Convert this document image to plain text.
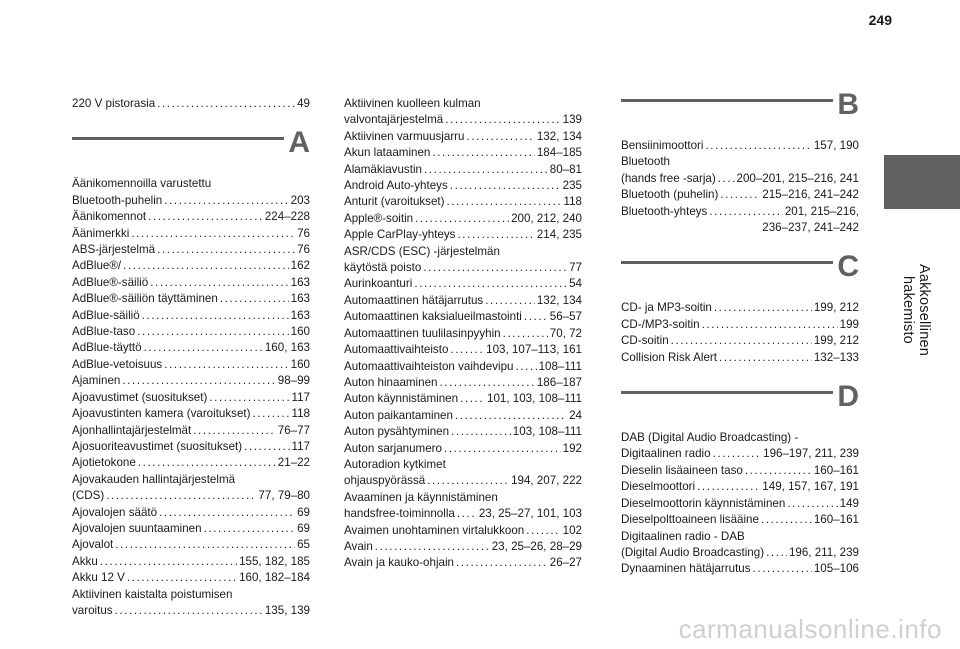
249
Aakkosellinen hakemisto
220 V pistorasia .....	49
A
Äänikomennoilla varustettu
Bluetooth-puhelin .....	203
Äänikomennot .....	224–228
Äänimerkki .....	76
ABS-järjestelmä .....	76
AdBlue®/ .....	162
AdBlue®-säiliö .....	163
AdBlue®-säiliön täyttäminen .....	163
AdBlue-säiliö .....	163
AdBlue-taso .....	160
AdBlue-täyttö .....	160, 163
AdBlue-vetoisuus .....	160
Ajaminen .....	98–99
Ajoavustimet (suositukset) .....	117
Ajoavustinten kamera (varoitukset) .....	118
Ajonhallintajärjestelmät .....	76–77
Ajosuoriteavustimet (suositukset) .....	117
Ajotietokone .....	21–22
Ajovakauden hallintajärjestelmä
(CDS) .....	77, 79–80
Ajovalojen säätö .....	69
Ajovalojen suuntaaminen .....	69
Ajovalot .....	65
Akku .....	155, 182, 185
Akku 12 V .....	160, 182–184
Aktiivinen kaistalta poistumisen
varoitus .....	135, 139
Aktiivinen kuolleen kulman
valvontajärjestelmä .....	139
Aktiivinen varmuusjarru .....	132, 134
Akun lataaminen .....	184–185
Alamäkiavustin .....	80–81
Android Auto-yhteys .....	235
Anturit (varoitukset) .....	118
Apple®-soitin .....	200, 212, 240
Apple CarPlay-yhteys .....	214, 235
ASR/CDS (ESC) -järjestelmän
käytöstä poisto .....	77
Aurinkoanturi .....	54
Automaattinen hätäjarrutus .....	132, 134
Automaattinen kaksialueilmastointi ..... 56–57
Automaattinen tuulilasinpyyhin .....	70, 72
Automaattivaihteisto .....	103, 107–113, 161
Automaattivaihteiston vaihdevipu ..... 108–111
Auton hinaaminen .....	186–187
Auton käynnistäminen ..... 101, 103, 108–111
Auton paikantaminen .....	24
Auton pysähtyminen .....	103, 108–111
Auton sarjanumero .....	192
Autoradion kytkimet
ohjauspyörässä .....	194, 207, 222
Avaaminen ja käynnistäminen
handsfree-toiminnolla ..... 23, 25–27, 101, 103
Avaimen unohtaminen virtalukkoon .....	102
Avain .....	23, 25–26, 28–29
Avain ja kauko-ohjain .....	26–27
B
Bensiinimoottori .....	157, 190
Bluetooth
(hands free -sarja) ..... 200–201, 215–216, 241
Bluetooth (puhelin) .....	215–216, 241–242
Bluetooth-yhteys .....	201, 215–216,
236–237, 241–242
C
CD- ja MP3-soitin .....	199, 212
CD-/MP3-soitin .....	199
CD-soitin .....	199, 212
Collision Risk Alert .....	132–133
D
DAB (Digital Audio Broadcasting) -
Digitaalinen radio .....	196–197, 211, 239
Dieselin lisäaineen taso .....	160–161
Dieselmoottori .....	149, 157, 167, 191
Dieselmoottorin käynnistäminen .....	149
Dieselpolttoaineen lisääine .....	160–161
Digitaalinen radio - DAB
(Digital Audio Broadcasting) ..... 196, 211, 239
Dynaaminen hätäjarrutus .....	105–106
carmanualsonline.info
